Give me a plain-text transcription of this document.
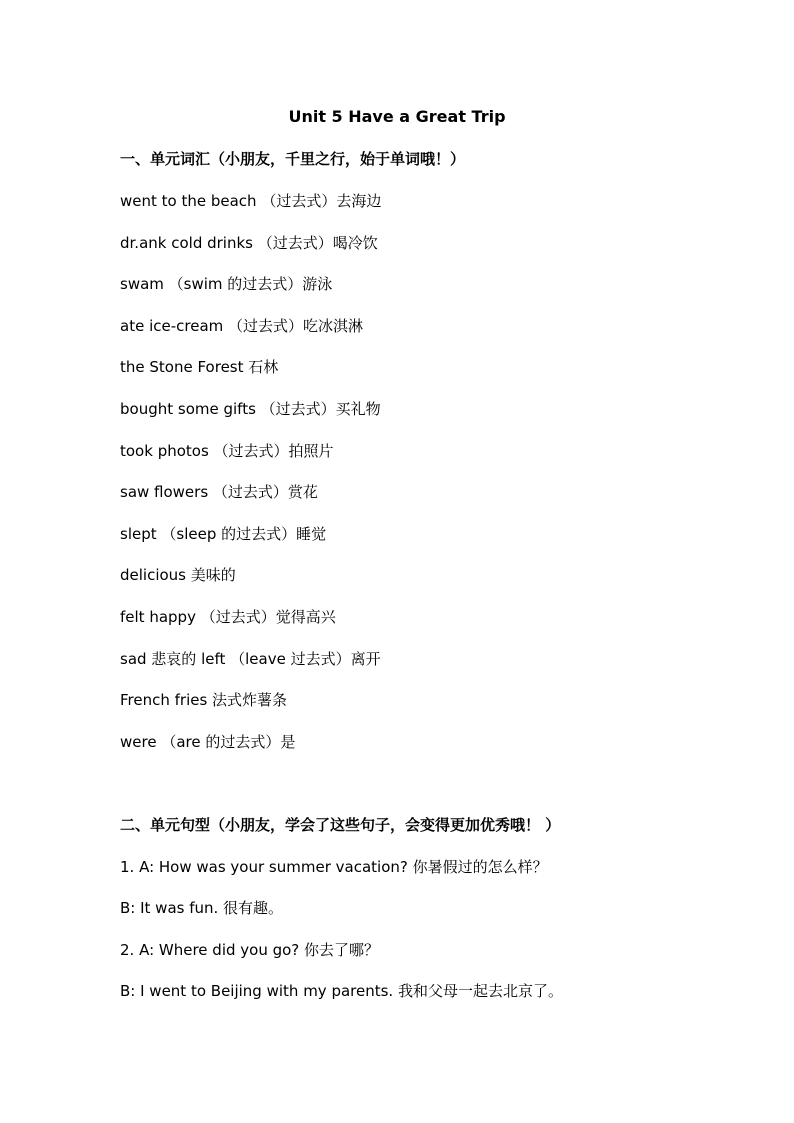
Unit 5 Have a Great Trip
一、单元词汇（小朋友，千里之行，始于单词哦！）
went to the beach （过去式）去海边
dr.ank cold drinks （过去式）喝冷饮
swam （swim 的过去式）游泳
ate ice-cream （过去式）吃冰淇淋
the Stone Forest 石林
bought some gifts （过去式）买礼物
took photos （过去式）拍照片
saw flowers （过去式）赏花
slept （sleep 的过去式）睡觉
delicious 美味的
felt happy （过去式）觉得高兴
sad 悲哀的 left （leave 过去式）离开
French fries 法式炸薯条
were （are 的过去式）是
二、单元句型（小朋友，学会了这些句子，会变得更加优秀哦！ ）
1. A: How was your summer vacation? 你暑假过的怎么样？
B: It was fun. 很有趣。
2. A: Where did you go? 你去了哪？
B: I went to Beijing with my parents. 我和父母一起去北京了。
